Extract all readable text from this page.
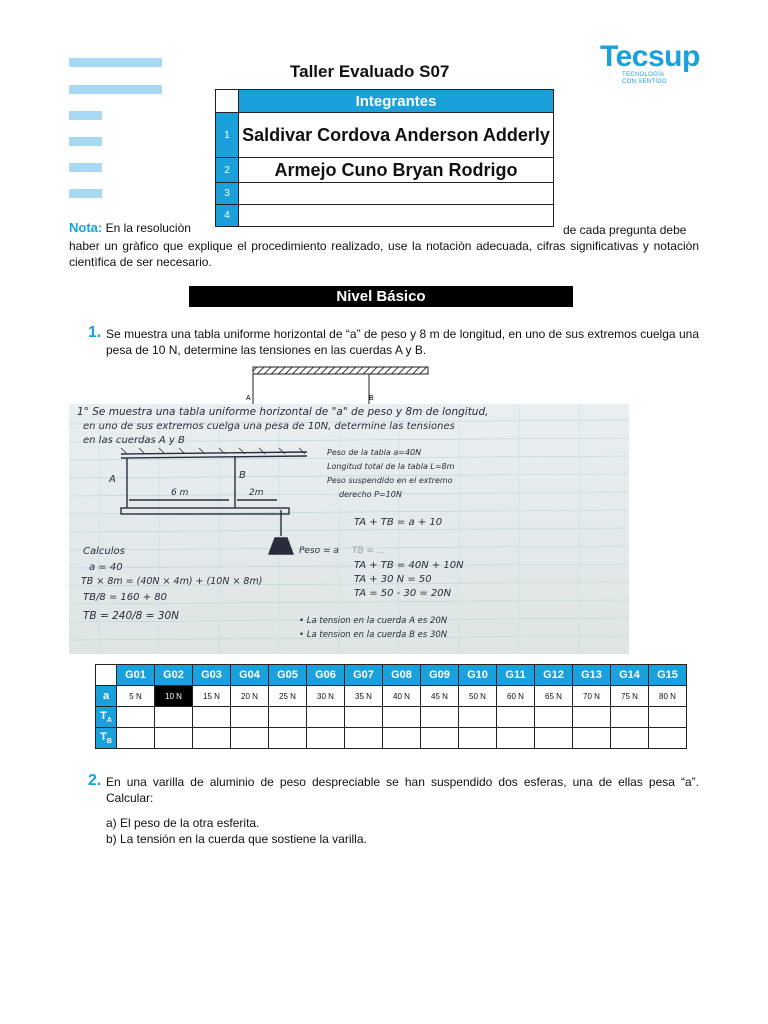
Tecsup
TECNOLOGÍA
CON SENTIDO
Taller Evaluado S07
	Integrantes
1	Saldivar Cordova Anderson Adderly
2	Armejo Cuno Bryan Rodrigo
3	
4	
Nota: En la resoluciòn	de cada pregunta debe
haber un gràfico que explique el procedimiento realizado, use la notaciòn adecuada, cifras significativas y notaciòn cientìfica de ser necesario.
Nivel Básico
1. Se muestra una tabla uniforme horizontal de “a” de peso y 8 m de longitud, en uno de sus extremos cuelga una pesa de 10 N, determine las tensiones en las cuerdas A y B.
A	B
1° Se muestra una tabla uniforme horizontal de "a" de peso y 8m de longitud,
en uno de sus extremos cuelga una pesa de 10N, determine las tensiones
en las cuerdas A y B
A	B
6 m	2m
Peso = a
Peso de la tabla a=40N
Longitud total de la tabla L=8m
Peso suspendido en el extremo
derecho P=10N
TA + TB = a + 10
TB = ...
TA + TB = 40N + 10N
TA + 30 N = 50
TA = 50 - 30 = 20N
Calculos
a = 40
TB × 8m = (40N × 4m) + (10N × 8m)
TB/8 = 160 + 80
TB = 240/8 = 30N	• La tension en la cuerda A es 20N
• La tension en la cuerda B es 30N
	G01	G02	G03	G04	G05	G06	G07	G08	G09	G10	G11	G12	G13	G14	G15
a	5 N	10 N	15 N	20 N	25 N	30 N	35 N	40 N	45 N	50 N	60 N	65 N	70 N	75 N	80 N
$T_A$															
$T_B$															
2. En una varilla de aluminio de peso despreciable se han suspendido dos esferas, una de ellas pesa “a”. Calcular:
a) El peso de la otra esferita.
b) La tensión en la cuerda que sostiene la varilla.
